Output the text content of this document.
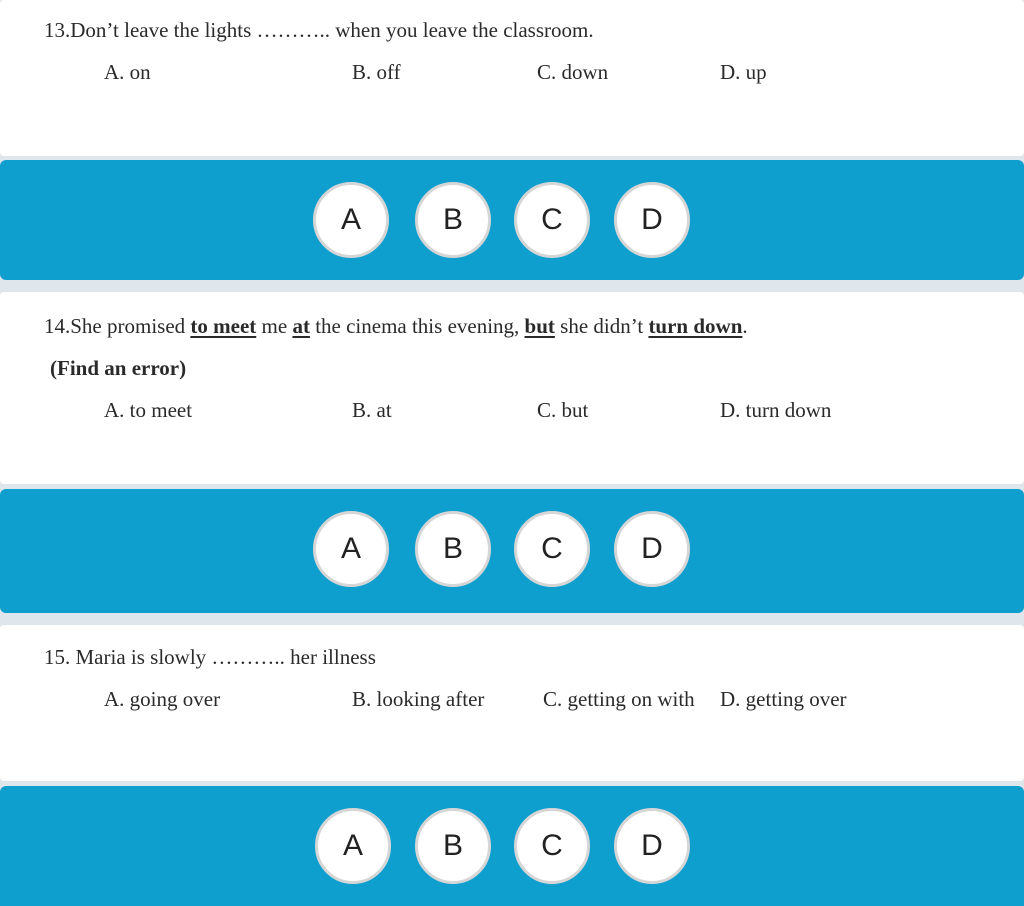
13.Don’t leave the lights ……….. when you leave the classroom.
A. on	B. off	C. down	D. up
A	B	C	D
14.She promised to meet me at the cinema this evening, but she didn’t turn down.
(Find an error)
A. to meet	B. at	C. but	D. turn down
A	B	C	D
15. Maria is slowly ……….. her illness
A. going over	B. looking after	C. getting on with D. getting over
A	B	C	D
